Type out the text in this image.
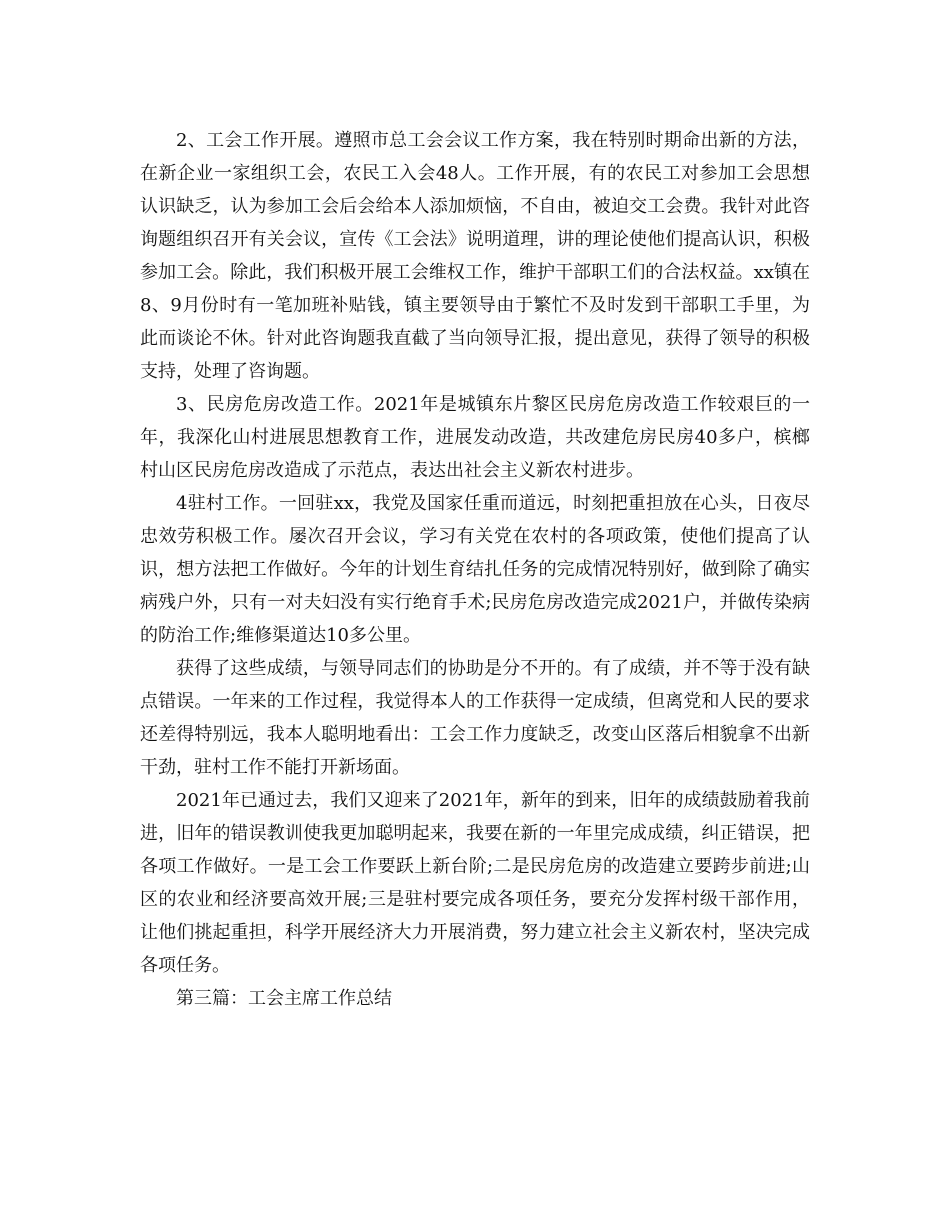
2、工会工作开展。遵照市总工会会议工作方案，我在特别时期命出新的方法，在新企业一家组织工会，农民工入会48人。工作开展，有的农民工对参加工会思想认识缺乏，认为参加工会后会给本人添加烦恼，不自由，被迫交工会费。我针对此咨询题组织召开有关会议，宣传《工会法》说明道理，讲的理论使他们提高认识，积极参加工会。除此，我们积极开展工会维权工作，维护干部职工们的合法权益。xx镇在8、9月份时有一笔加班补贴钱，镇主要领导由于繁忙不及时发到干部职工手里，为此而谈论不休。针对此咨询题我直截了当向领导汇报，提出意见，获得了领导的积极支持，处理了咨询题。

3、民房危房改造工作。2021年是城镇东片黎区民房危房改造工作较艰巨的一年，我深化山村进展思想教育工作，进展发动改造，共改建危房民房40多户，槟榔村山区民房危房改造成了示范点，表达出社会主义新农村进步。

4驻村工作。一回驻xx，我党及国家任重而道远，时刻把重担放在心头，日夜尽忠效劳积极工作。屡次召开会议，学习有关党在农村的各项政策，使他们提高了认识，想方法把工作做好。今年的计划生育结扎任务的完成情况特别好，做到除了确实病残户外，只有一对夫妇没有实行绝育手术;民房危房改造完成2021户，并做传染病的防治工作;维修渠道达10多公里。

获得了这些成绩，与领导同志们的协助是分不开的。有了成绩，并不等于没有缺点错误。一年来的工作过程，我觉得本人的工作获得一定成绩，但离党和人民的要求还差得特别远，我本人聪明地看出：工会工作力度缺乏，改变山区落后相貌拿不出新干劲，驻村工作不能打开新场面。

2021年已通过去，我们又迎来了2021年，新年的到来，旧年的成绩鼓励着我前进，旧年的错误教训使我更加聪明起来，我要在新的一年里完成成绩，纠正错误，把各项工作做好。一是工会工作要跃上新台阶;二是民房危房的改造建立要跨步前进;山区的农业和经济要高效开展;三是驻村要完成各项任务，要充分发挥村级干部作用，让他们挑起重担，科学开展经济大力开展消费，努力建立社会主义新农村，坚决完成各项任务。

第三篇：工会主席工作总结
